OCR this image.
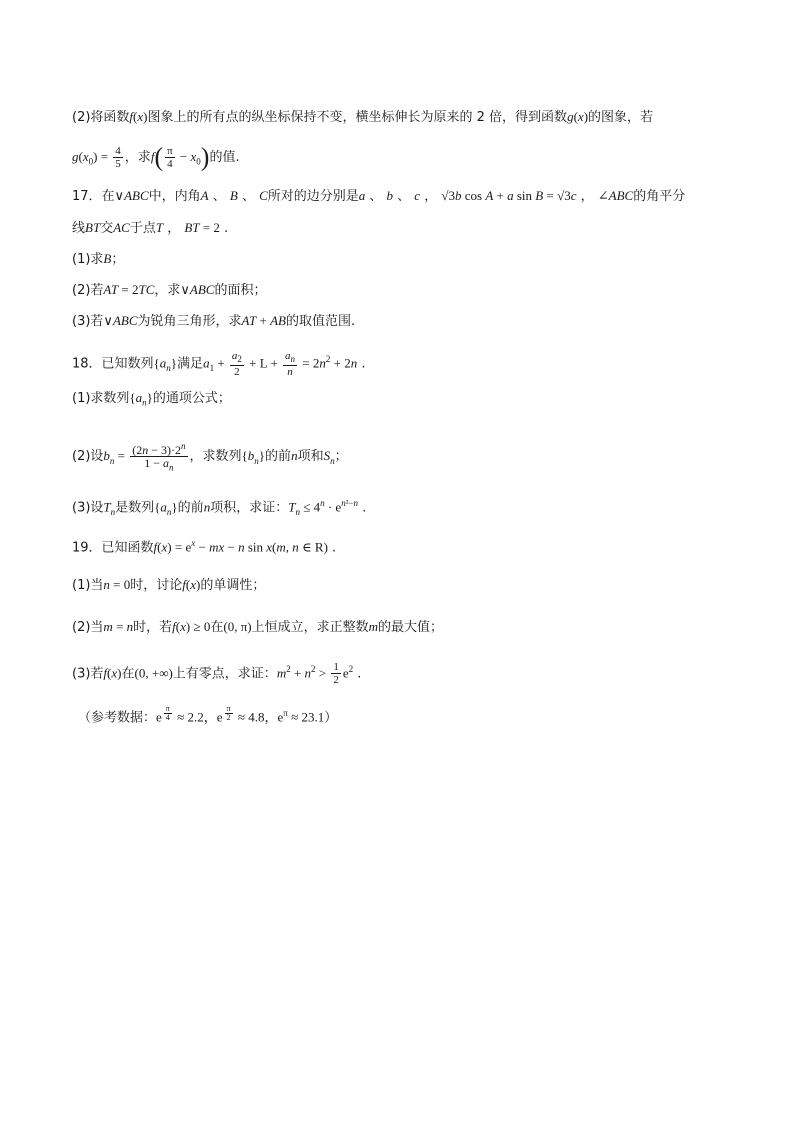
(2)将函数f(x)图象上的所有点的纵坐标保持不变，横坐标伸长为原来的 2 倍，得到函数g(x)的图象，若
$g(x_0) = \frac{4}{5}$ ，求$f( \frac{\pi}{4} - x_0)$的值.
17．在∨ABC中，内角A 、 B 、 C所对的边分别是a 、 b 、 c ， √3b cos A + a sin B = √3c ， ∠ABC的角平分
线BT交AC于点T ， BT = 2 .
(1)求B；
(2)若AT = 2TC，求∨ABC的面积；
(3)若∨ABC为锐角三角形，求AT + AB的取值范围.
18．已知数列$\{a_n\}$满足$a_1 + \frac{a_2}{2} + L + \frac{a_n}{n} = 2n^2 + 2n$ .
(1)求数列$\{a_n\}$的通项公式；
(2)设$b_n = \frac{(2n - 3)\cdot 2^n}{1 - a_n}$ ，求数列$\{b_n\}$的前n项和$S_n$；
(3)设$T_n$是数列$\{a_n\}$的前n项积，求证：$T_n \le 4^n \cdot e^{n^2-n}$ .
19．已知函数$f(x) = e^x$ − mx − n sin x(m, n ∈ R) .
(1)当n = 0时，讨论f(x)的单调性；
(2)当m = n时，若f(x) ≥ 0在(0, π)上恒成立，求正整数m的最大值；
(3)若f(x)在(0, +∞)上有零点，求证：$m^2 + n^2 > \frac{1}{2} e^2$ .
（参考数据：e $^{\frac{\pi}{4}}$ ≈ 2.2，e $^{\frac{\pi}{2}}$ ≈ 4.8，$e^\pi \approx 23.1$）
